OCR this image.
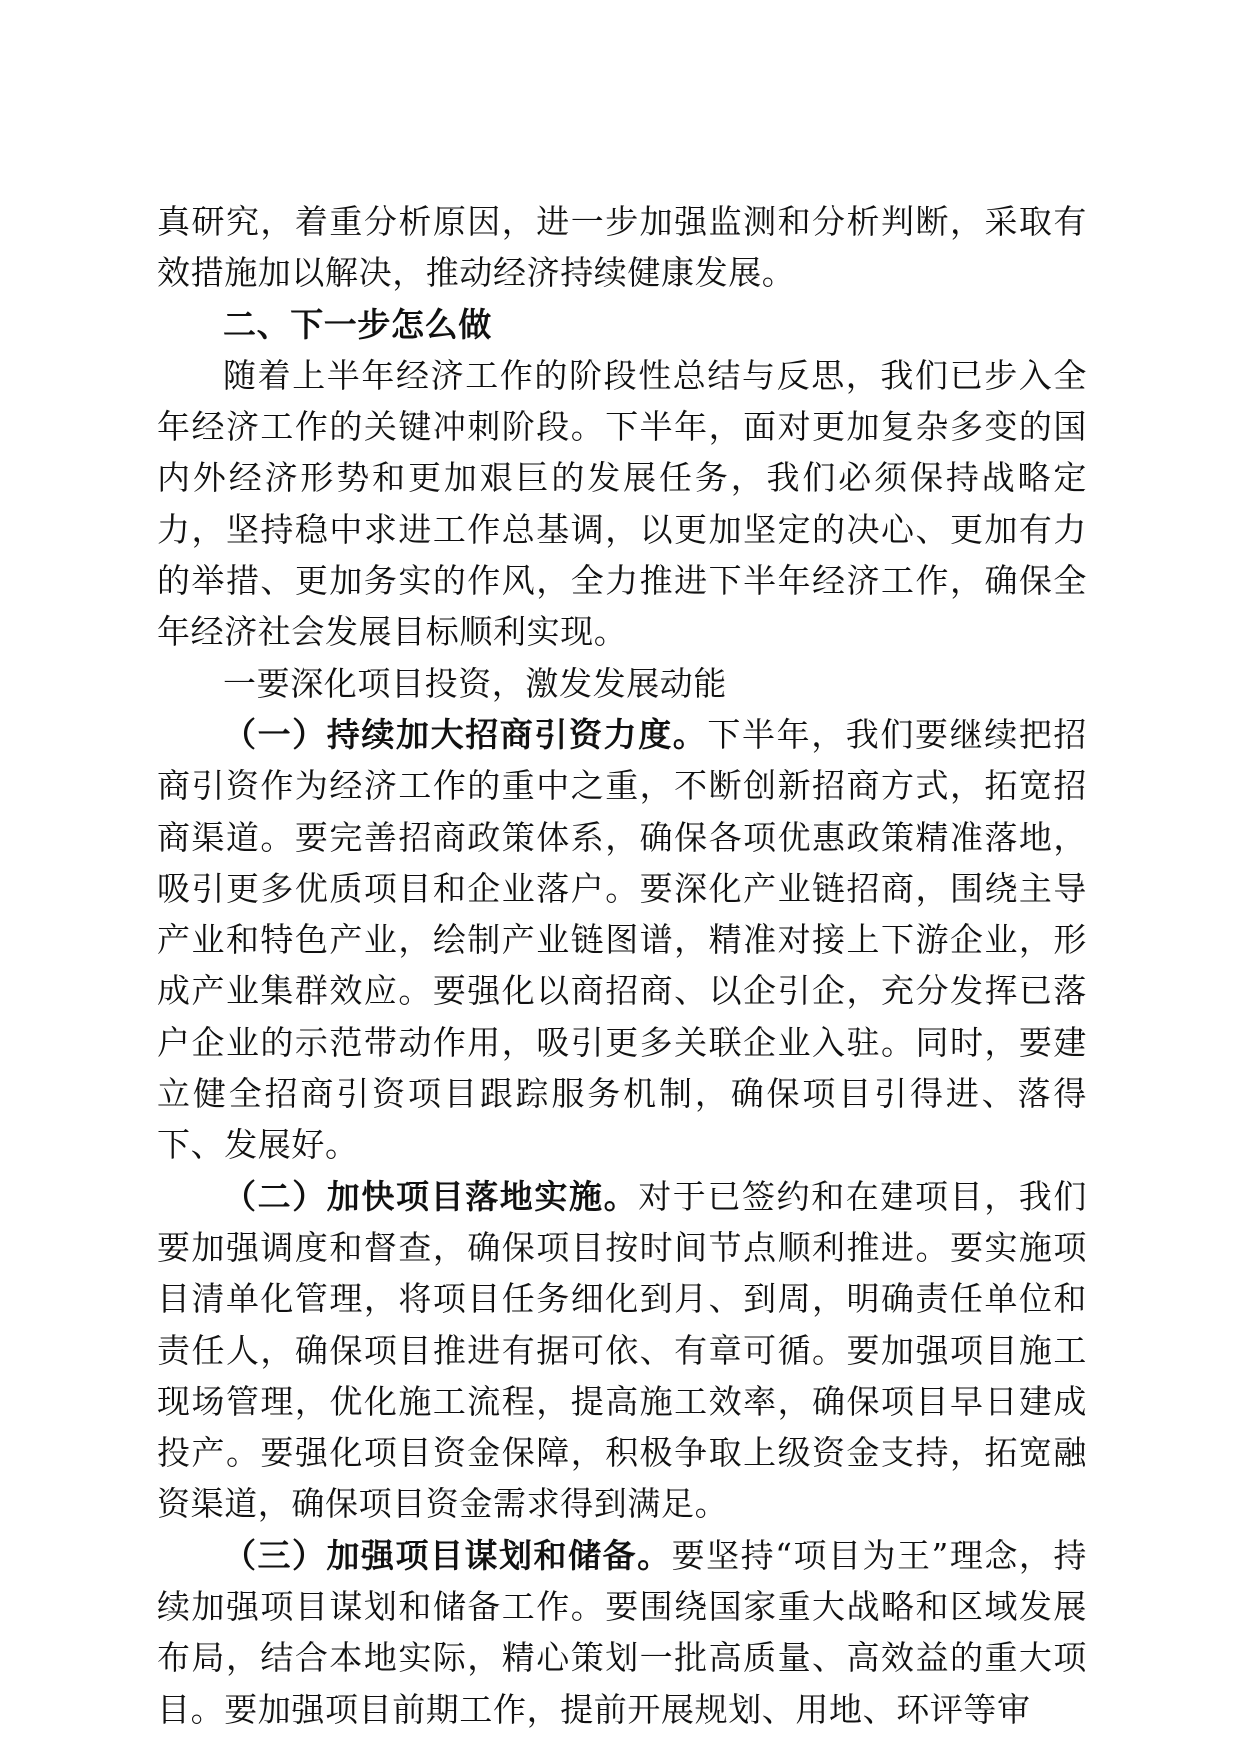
真研究，着重分析原因，进一步加强监测和分析判断，采取有效措施加以解决，推动经济持续健康发展。

二、下一步怎么做

随着上半年经济工作的阶段性总结与反思，我们已步入全年经济工作的关键冲刺阶段。下半年，面对更加复杂多变的国内外经济形势和更加艰巨的发展任务，我们必须保持战略定力，坚持稳中求进工作总基调，以更加坚定的决心、更加有力的举措、更加务实的作风，全力推进下半年经济工作，确保全年经济社会发展目标顺利实现。

一要深化项目投资，激发发展动能

（一）持续加大招商引资力度。下半年，我们要继续把招商引资作为经济工作的重中之重，不断创新招商方式，拓宽招商渠道。要完善招商政策体系，确保各项优惠政策精准落地，吸引更多优质项目和企业落户。要深化产业链招商，围绕主导产业和特色产业，绘制产业链图谱，精准对接上下游企业，形成产业集群效应。要强化以商招商、以企引企，充分发挥已落户企业的示范带动作用，吸引更多关联企业入驻。同时，要建立健全招商引资项目跟踪服务机制，确保项目引得进、落得下、发展好。

（二）加快项目落地实施。对于已签约和在建项目，我们要加强调度和督查，确保项目按时间节点顺利推进。要实施项目清单化管理，将项目任务细化到月、到周，明确责任单位和责任人，确保项目推进有据可依、有章可循。要加强项目施工现场管理，优化施工流程，提高施工效率，确保项目早日建成投产。要强化项目资金保障，积极争取上级资金支持，拓宽融资渠道，确保项目资金需求得到满足。

（三）加强项目谋划和储备。要坚持“项目为王”理念，持续加强项目谋划和储备工作。要围绕国家重大战略和区域发展布局，结合本地实际，精心策划一批高质量、高效益的重大项目。要加强项目前期工作，提前开展规划、用地、环评等审
